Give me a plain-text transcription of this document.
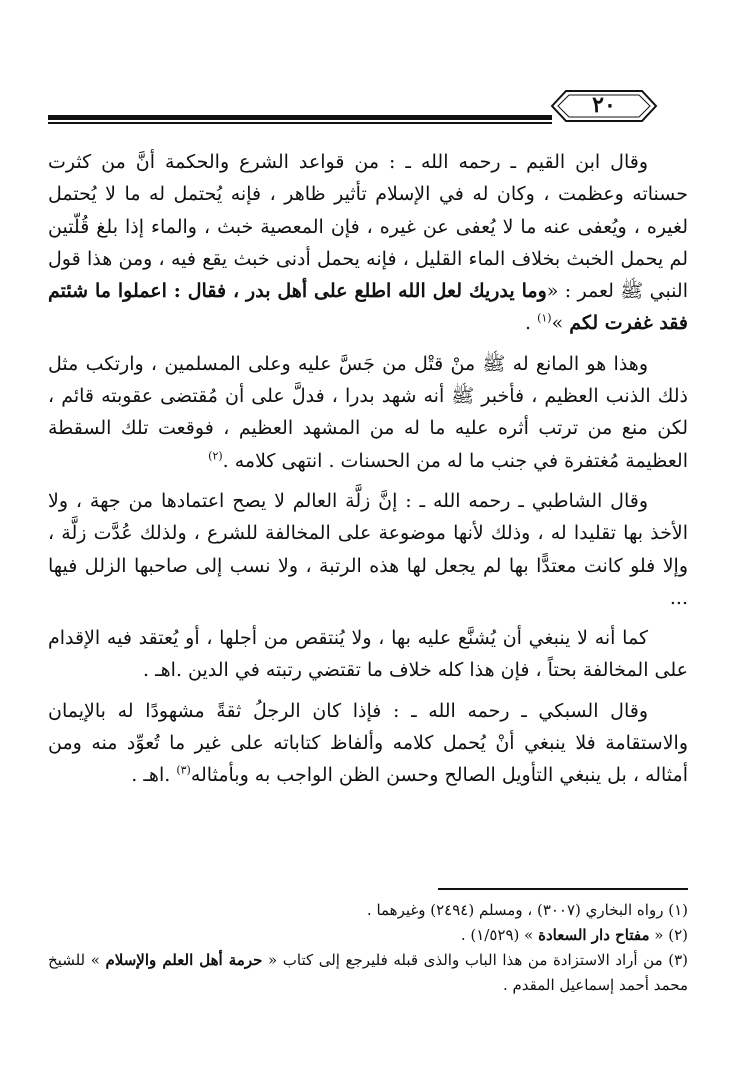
٢٠

وقال ابن القيم ـ رحمه الله ـ : من قواعد الشرع والحكمة أنَّ من كثرت حسناته وعظمت ، وكان له في الإسلام تأثير ظاهر ، فإنه يُحتمل له ما لا يُحتمل لغيره ، ويُعفى عنه ما لا يُعفى عن غيره ، فإن المعصية خبث ، والماء إذا بلغ قُلّتين لم يحمل الخبث بخلاف الماء القليل ، فإنه يحمل أدنى خبث يقع فيه ، ومن هذا قول النبي ﷺ لعمر : «وما يدريك لعل الله اطلع على أهل بدر ، فقال : اعملوا ما شئتم فقد غفرت لكم »$^{(١)}$ .

وهذا هو المانع له ﷺ منْ قتْل من جَسَّ عليه وعلى المسلمين ، وارتكب مثل ذلك الذنب العظيم ، فأخبر ﷺ أنه شهد بدرا ، فدلَّ على أن مُقتضى عقوبته قائم ، لكن منع من ترتب أثره عليه ما له من المشهد العظيم ، فوقعت تلك السقطة العظيمة مُغتفرة في جنب ما له من الحسنات . انتهى كلامه .$^{(٢)}$

وقال الشاطبي ـ رحمه الله ـ : إنَّ زلَّة العالم لا يصح اعتمادها من جهة ، ولا الأخذ بها تقليدا له ، وذلك لأنها موضوعة على المخالفة للشرع ، ولذلك عُدَّت زلَّة ، وإلا فلو كانت معتدًّا بها لم يجعل لها هذه الرتبة ، ولا نسب إلى صاحبها الزلل فيها ...

كما أنه لا ينبغي أن يُشنَّع عليه بها ، ولا يُنتقص من أجلها ، أو يُعتقد فيه الإقدام على المخالفة بحتاً ، فإن هذا كله خلاف ما تقتضي رتبته في الدين .اهـ .

وقال السبكي ـ رحمه الله ـ : فإذا كان الرجلُ ثقةً مشهودًا له بالإيمان والاستقامة فلا ينبغي أنْ يُحمل كلامه وألفاظ كتاباته على غير ما تُعوِّد منه ومن أمثاله ، بل ينبغي التأويل الصالح وحسن الظن الواجب به وبأمثاله$^{(٣)}$ .اهـ .

(١) رواه البخاري (٣٠٠٧) ، ومسلم (٢٤٩٤) وغيرهما .

(٢) « مفتاح دار السعادة » (١/٥٢٩) .

(٣) من أراد الاستزادة من هذا الباب والذى قبله فليرجع إلى كتاب « حرمة أهل العلم والإسلام » للشيخ محمد أحمد إسماعيل المقدم .
